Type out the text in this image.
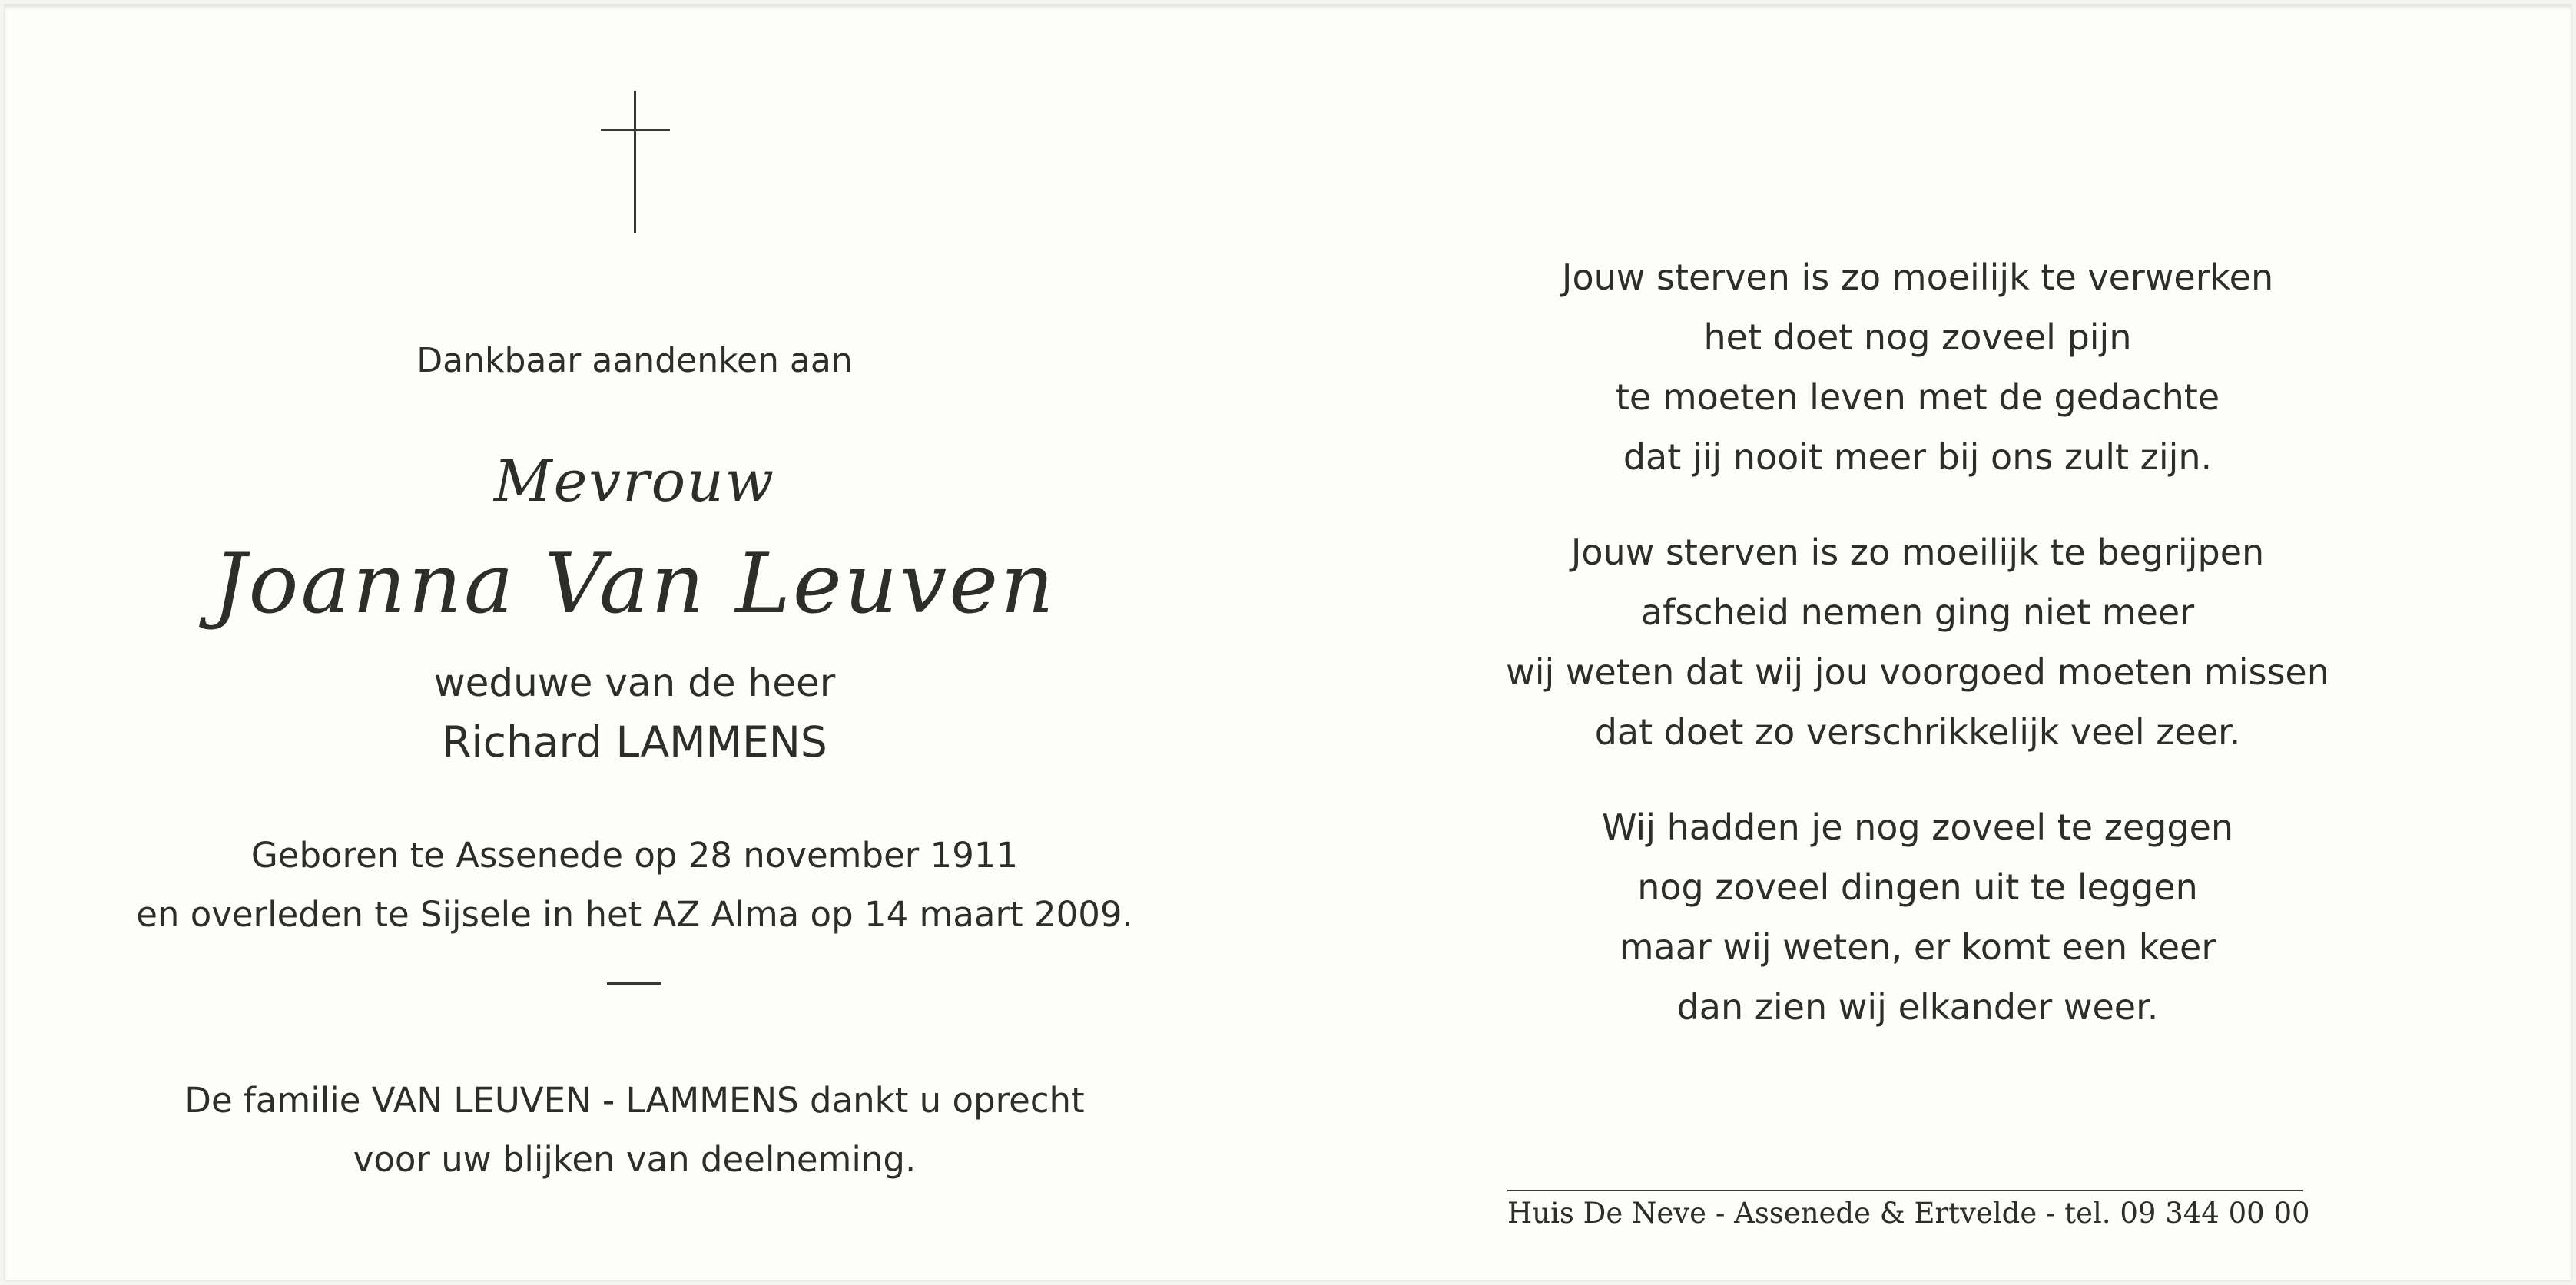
Dankbaar aandenken aan
Mevrouw
Joanna Van Leuven
weduwe van de heer
Richard LAMMENS
Geboren te Assenede op 28 november 1911
en overleden te Sijsele in het AZ Alma op 14 maart 2009.
De familie VAN LEUVEN - LAMMENS dankt u oprecht
voor uw blijken van deelneming.
Jouw sterven is zo moeilijk te verwerken
het doet nog zoveel pijn
te moeten leven met de gedachte
dat jij nooit meer bij ons zult zijn.
Jouw sterven is zo moeilijk te begrijpen
afscheid nemen ging niet meer
wij weten dat wij jou voorgoed moeten missen
dat doet zo verschrikkelijk veel zeer.
Wij hadden je nog zoveel te zeggen
nog zoveel dingen uit te leggen
maar wij weten, er komt een keer
dan zien wij elkander weer.
Huis De Neve - Assenede & Ertvelde - tel. 09 344 00 00
